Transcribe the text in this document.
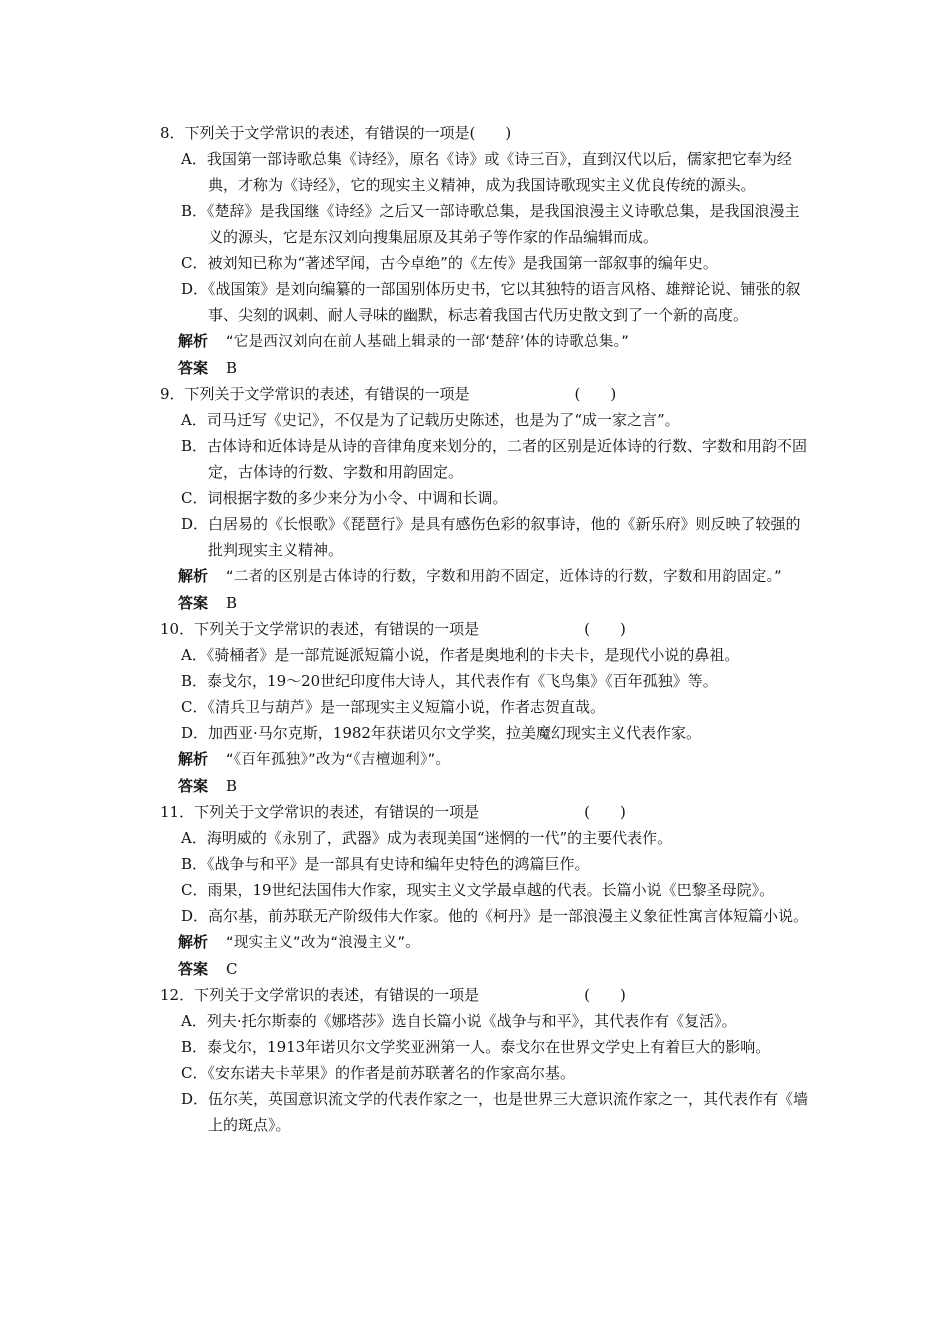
8．下列关于文学常识的表述，有错误的一项是(　　)

A．我国第一部诗歌总集《诗经》，原名《诗》或《诗三百》，直到汉代以后，儒家把它奉为经典，才称为《诗经》，它的现实主义精神，成为我国诗歌现实主义优良传统的源头。

B．《楚辞》是我国继《诗经》之后又一部诗歌总集，是我国浪漫主义诗歌总集，是我国浪漫主义的源头，它是东汉刘向搜集屈原及其弟子等作家的作品编辑而成。

C．被刘知已称为“著述罕闻，古今卓绝”的《左传》是我国第一部叙事的编年史。

D．《战国策》是刘向编纂的一部国别体历史书，它以其独特的语言风格、雄辩论说、铺张的叙事、尖刻的讽刺、耐人寻味的幽默，标志着我国古代历史散文到了一个新的高度。

解析 “它是西汉刘向在前人基础上辑录的一部‘楚辞’体的诗歌总集。”

答案 B

9．下列关于文学常识的表述，有错误的一项是　　　　　　　(　　)

A．司马迁写《史记》，不仅是为了记载历史陈述，也是为了“成一家之言”。

B．古体诗和近体诗是从诗的音律角度来划分的，二者的区别是近体诗的行数、字数和用韵不固定，古体诗的行数、字数和用韵固定。

C．词根据字数的多少来分为小令、中调和长调。

D．白居易的《长恨歌》《琵琶行》是具有感伤色彩的叙事诗，他的《新乐府》则反映了较强的批判现实主义精神。

解析 “二者的区别是古体诗的行数，字数和用韵不固定，近体诗的行数，字数和用韵固定。”

答案 B

10．下列关于文学常识的表述，有错误的一项是　　　　　　　(　　)

A．《骑桶者》是一部荒诞派短篇小说，作者是奥地利的卡夫卡，是现代小说的鼻祖。

B．泰戈尔，19～20世纪印度伟大诗人，其代表作有《飞鸟集》《百年孤独》等。

C．《清兵卫与葫芦》是一部现实主义短篇小说，作者志贺直哉。

D．加西亚·马尔克斯，1982年获诺贝尔文学奖，拉美魔幻现实主义代表作家。

解析 “《百年孤独》”改为“《吉檀迦利》”。

答案 B

11．下列关于文学常识的表述，有错误的一项是　　　　　　　(　　)

A．海明威的《永别了，武器》成为表现美国“迷惘的一代”的主要代表作。

B．《战争与和平》是一部具有史诗和编年史特色的鸿篇巨作。

C．雨果，19世纪法国伟大作家，现实主义文学最卓越的代表。长篇小说《巴黎圣母院》。

D．高尔基，前苏联无产阶级伟大作家。他的《柯丹》是一部浪漫主义象征性寓言体短篇小说。

解析 “现实主义”改为“浪漫主义”。

答案 C

12．下列关于文学常识的表述，有错误的一项是　　　　　　　(　　)

A．列夫·托尔斯泰的《娜塔莎》选自长篇小说《战争与和平》，其代表作有《复活》。

B．泰戈尔，1913年诺贝尔文学奖亚洲第一人。泰戈尔在世界文学史上有着巨大的影响。

C．《安东诺夫卡苹果》的作者是前苏联著名的作家高尔基。

D．伍尔芙，英国意识流文学的代表作家之一，也是世界三大意识流作家之一，其代表作有《墙上的斑点》。
